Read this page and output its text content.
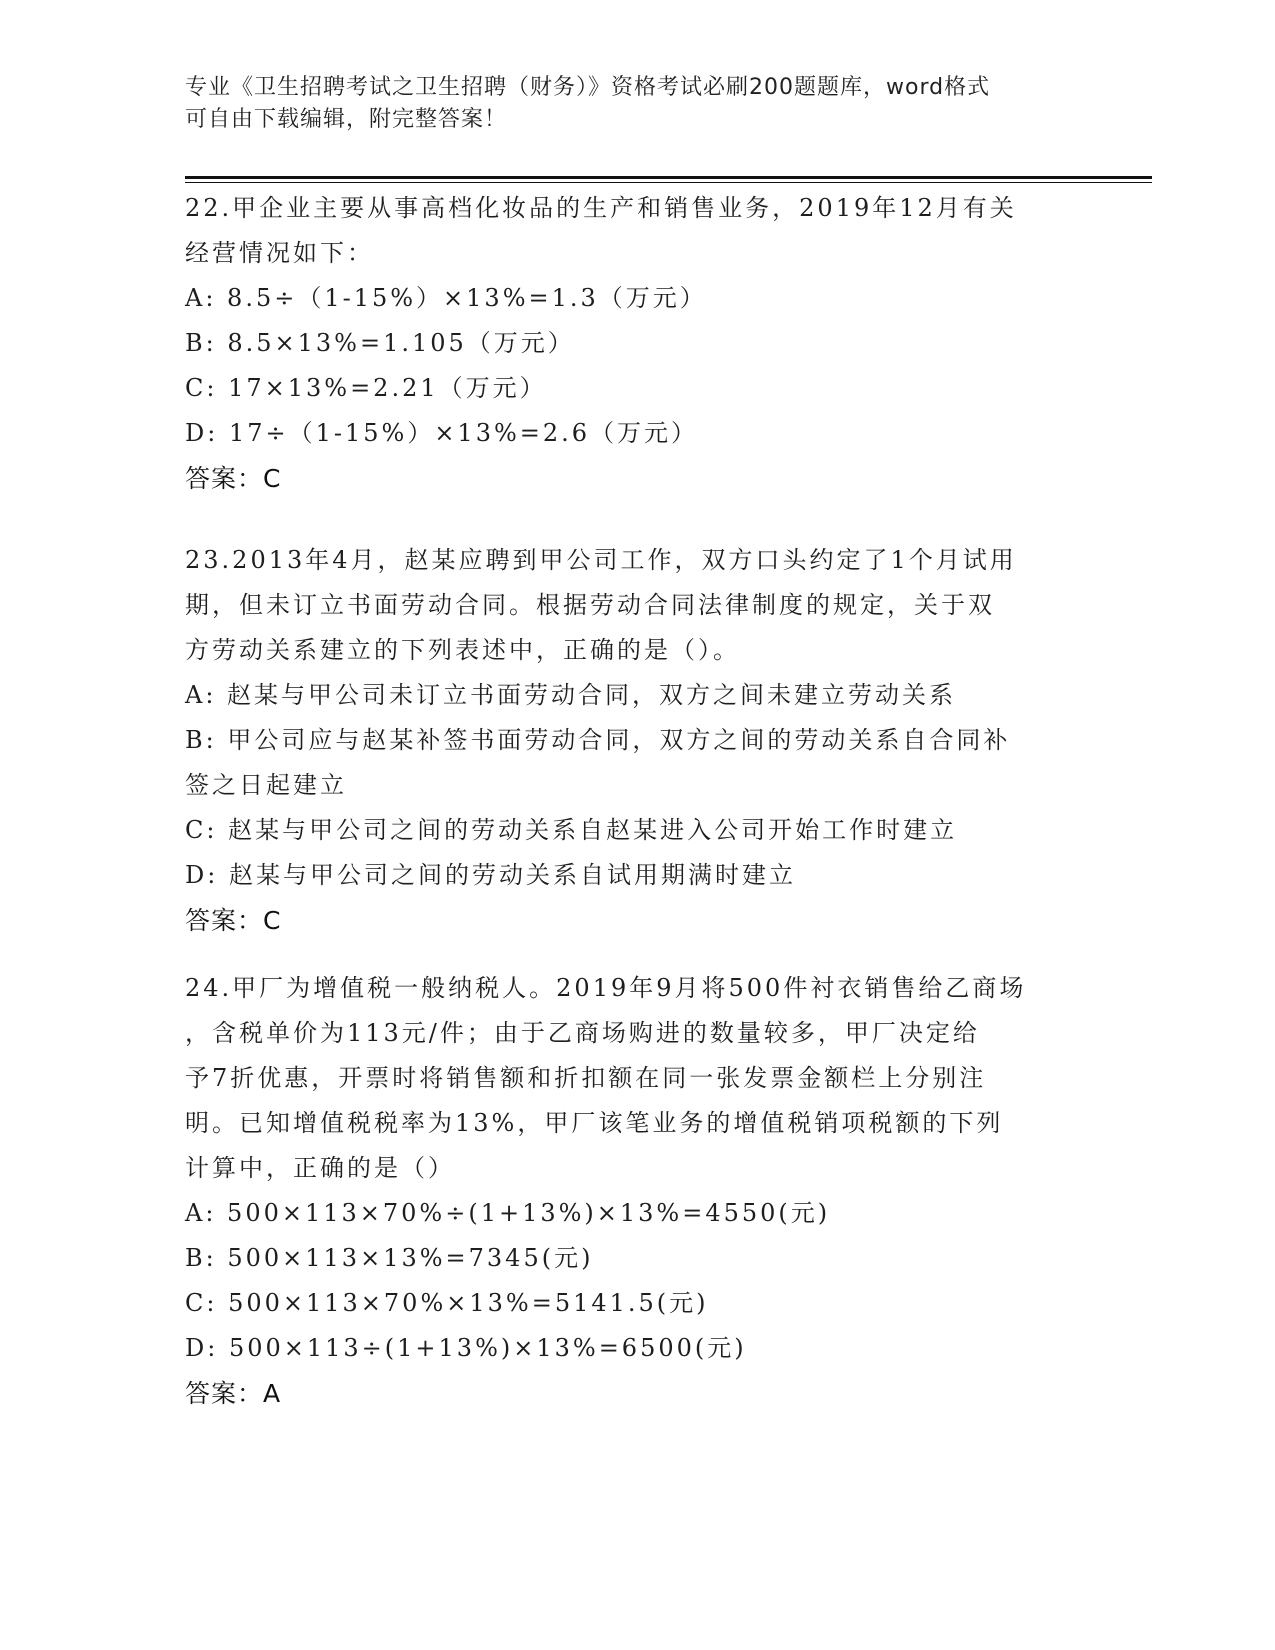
专业《卫生招聘考试之卫生招聘（财务）》资格考试必刷200题题库，word格式
可自由下载编辑，附完整答案！
22.甲企业主要从事高档化妆品的生产和销售业务，2019年12月有关
经营情况如下：
A: 8.5÷（1-15%）×13%=1.3（万元）
B: 8.5×13%=1.105（万元）
C: 17×13%=2.21（万元）
D: 17÷（1-15%）×13%=2.6（万元）
答案：C
23.2013年4月，赵某应聘到甲公司工作，双方口头约定了1个月试用
期，但未订立书面劳动合同。根据劳动合同法律制度的规定，关于双
方劳动关系建立的下列表述中，正确的是（）。
A: 赵某与甲公司未订立书面劳动合同，双方之间未建立劳动关系
B: 甲公司应与赵某补签书面劳动合同，双方之间的劳动关系自合同补
签之日起建立
C: 赵某与甲公司之间的劳动关系自赵某进入公司开始工作时建立
D: 赵某与甲公司之间的劳动关系自试用期满时建立
答案：C
24.甲厂为增值税一般纳税人。2019年9月将500件衬衣销售给乙商场
，含税单价为113元/件；由于乙商场购进的数量较多，甲厂决定给
予7折优惠，开票时将销售额和折扣额在同一张发票金额栏上分别注
明。已知增值税税率为13%，甲厂该笔业务的增值税销项税额的下列
计算中，正确的是（）
A: 500×113×70%÷(1+13%)×13%=4550(元)
B: 500×113×13%=7345(元)
C: 500×113×70%×13%=5141.5(元)
D: 500×113÷(1+13%)×13%=6500(元)
答案：A
